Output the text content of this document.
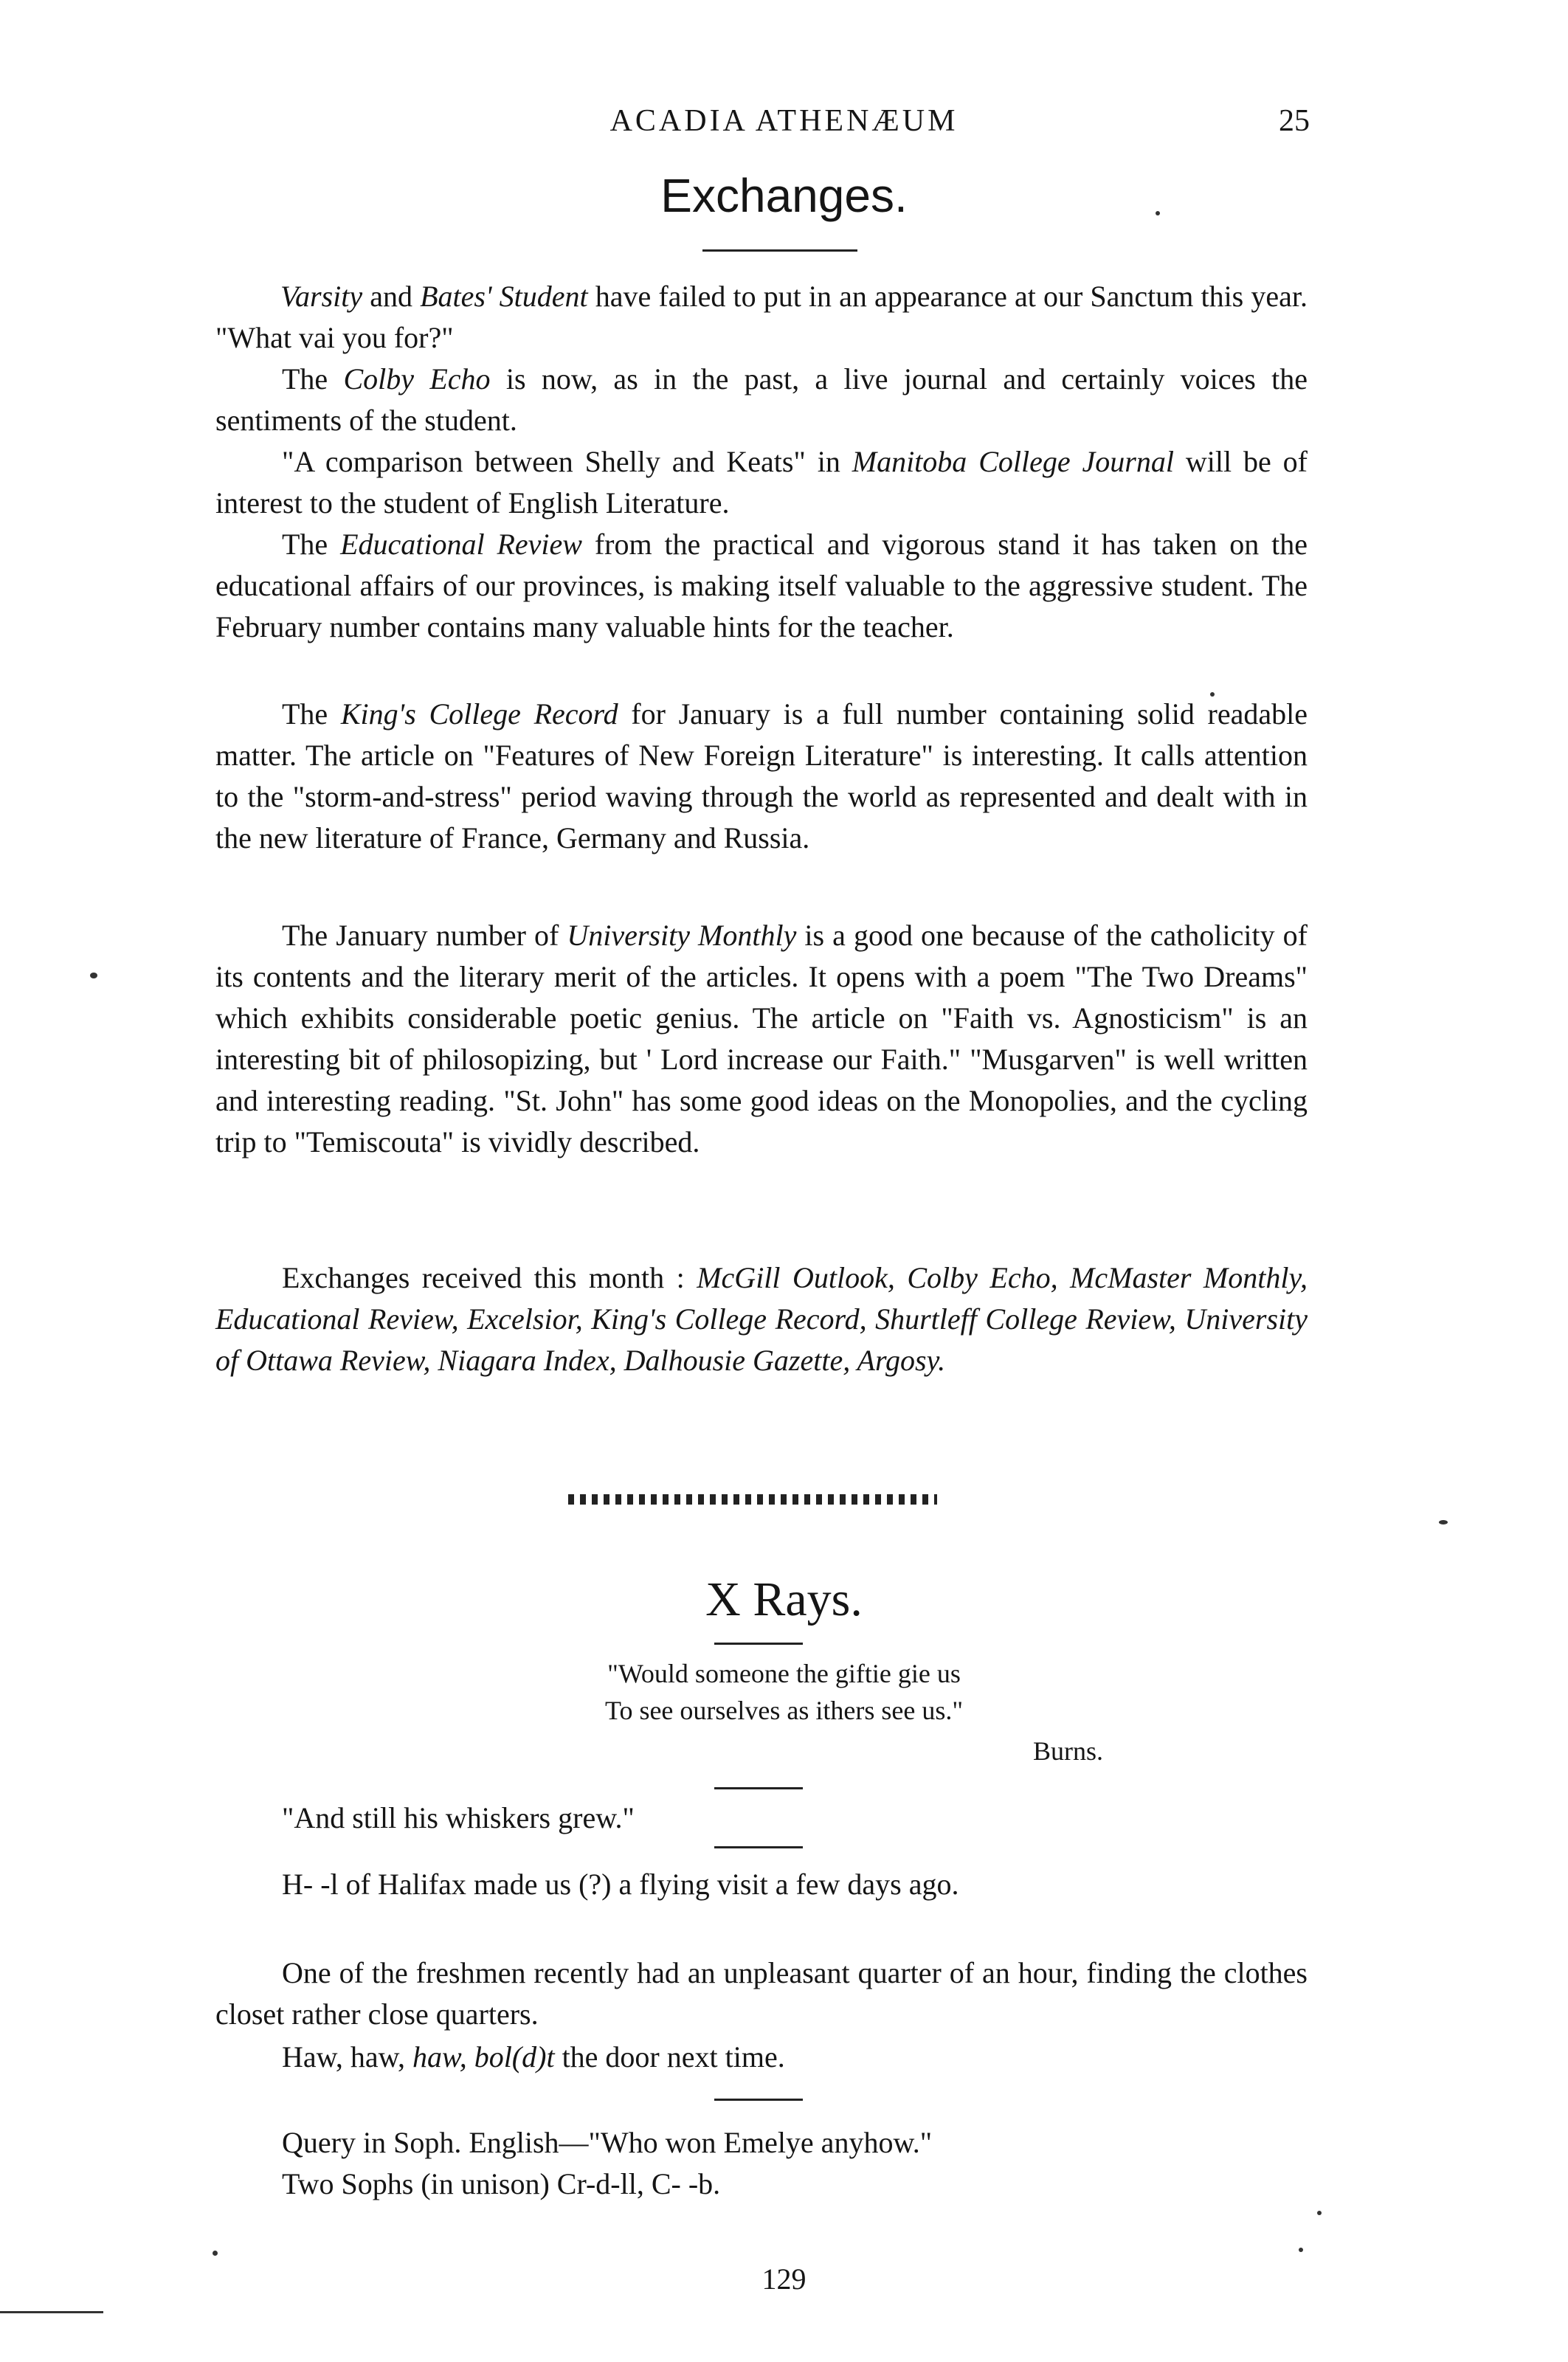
ACADIA ATHENÆUM	25
Exchanges.
Varsity and Bates' Student have failed to put in an appearance at our Sanctum this year. "What vai you for?"
The Colby Echo is now, as in the past, a live journal and certainly voices the sentiments of the student.
"A comparison between Shelly and Keats" in Manitoba College Journal will be of interest to the student of English Literature.
The Educational Review from the practical and vigorous stand it has taken on the educational affairs of our provinces, is making itself valuable to the aggressive student. The February number contains many valuable hints for the teacher.
The King's College Record for January is a full number containing solid readable matter. The article on "Features of New Foreign Literature" is interesting. It calls attention to the "storm-and-stress" period waving through the world as represented and dealt with in the new literature of France, Germany and Russia.
The January number of University Monthly is a good one because of the catholicity of its contents and the literary merit of the articles. It opens with a poem "The Two Dreams" which exhibits considerable poetic genius. The article on "Faith vs. Agnosticism" is an interesting bit of philosopizing, but ' Lord increase our Faith." "Musgarven" is well written and interesting reading. "St. John" has some good ideas on the Monopolies, and the cycling trip to "Temiscouta" is vividly described.
Exchanges received this month : McGill Outlook, Colby Echo, McMaster Monthly, Educational Review, Excelsior, King's College Record, Shurtleff College Review, University of Ottawa Review, Niagara Index, Dalhousie Gazette, Argosy.
X Rays.
"Would someone the giftie gie us
To see ourselves as ithers see us."
Burns.
"And still his whiskers grew."
H- -l of Halifax made us (?) a flying visit a few days ago.
One of the freshmen recently had an unpleasant quarter of an hour, finding the clothes closet rather close quarters.
Haw, haw, haw, bol(d)t the door next time.
Query in Soph. English—"Who won Emelye anyhow."
Two Sophs (in unison) Cr-d-ll, C- -b.
129
